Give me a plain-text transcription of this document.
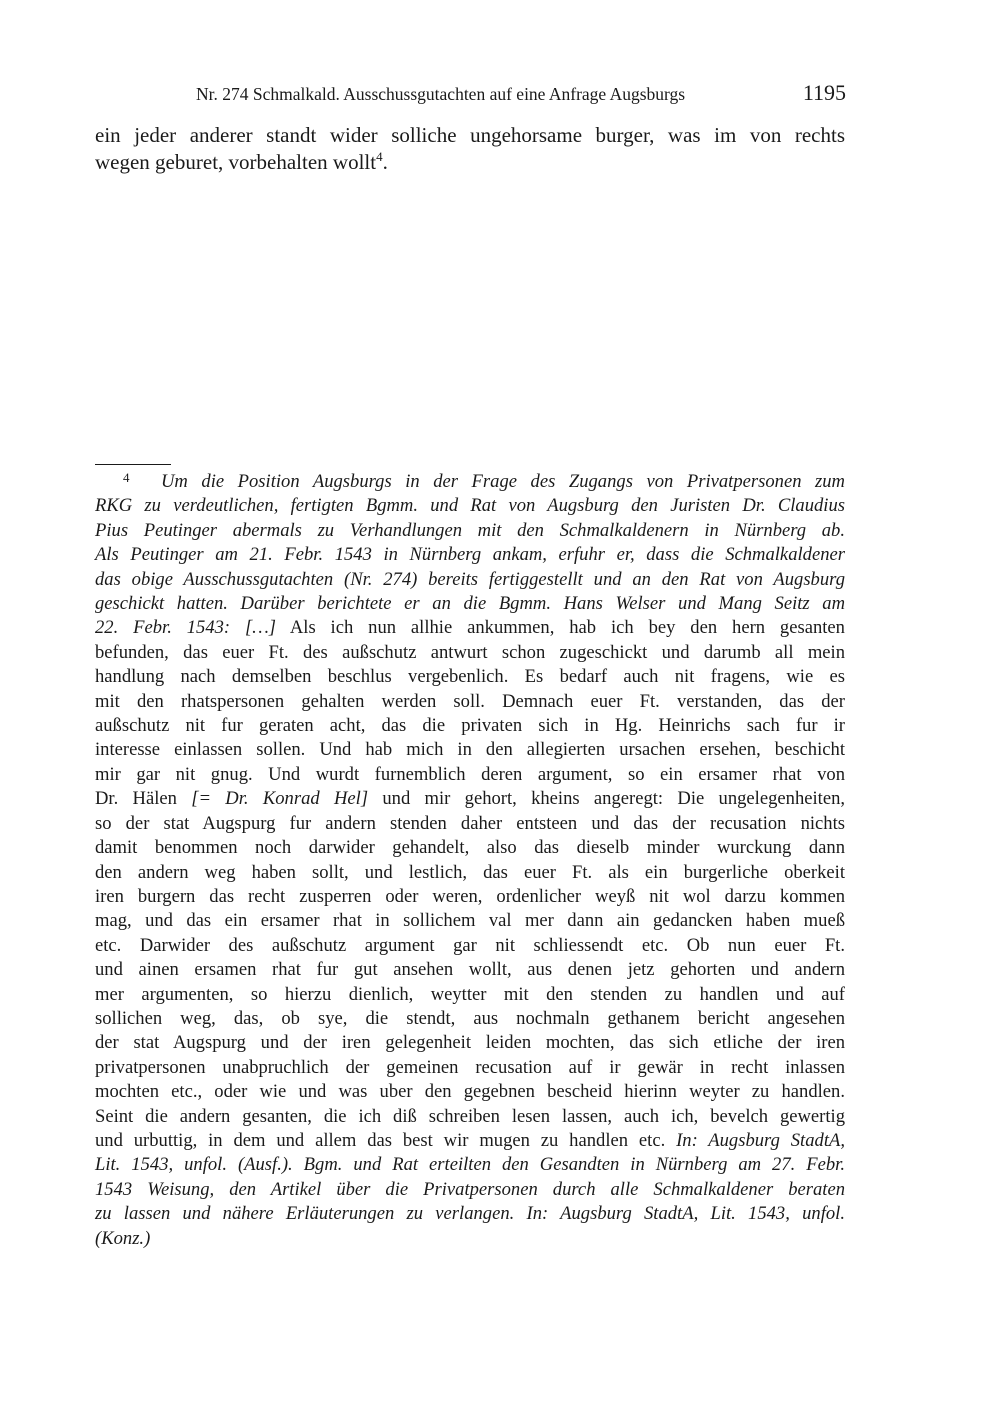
Nr. 274 Schmalkald. Ausschussgutachten auf eine Anfrage Augsburgs	1195
ein jeder anderer standt wider solliche ungehorsame burger, was im von rechts
wegen geburet, vorbehalten wollt$^4$.
4 Um die Position Augsburgs in der Frage des Zugangs von Privatpersonen zum
RKG zu verdeutlichen, fertigten Bgmm. und Rat von Augsburg den Juristen Dr. Claudius
Pius Peutinger abermals zu Verhandlungen mit den Schmalkaldenern in Nürnberg ab.
Als Peutinger am 21. Febr. 1543 in Nürnberg ankam, erfuhr er, dass die Schmalkaldener
das obige Ausschussgutachten (Nr. 274) bereits fertiggestellt und an den Rat von Augsburg
geschickt hatten. Darüber berichtete er an die Bgmm. Hans Welser und Mang Seitz am
22. Febr. 1543: […] Als ich nun allhie ankummen, hab ich bey den hern gesanten
befunden, das euer Ft. des außschutz antwurt schon zugeschickt und darumb all mein
handlung nach demselben beschlus vergebenlich. Es bedarf auch nit fragens, wie es
mit den rhatspersonen gehalten werden soll. Demnach euer Ft. verstanden, das der
außschutz nit fur geraten acht, das die privaten sich in Hg. Heinrichs sach fur ir
interesse einlassen sollen. Und hab mich in den allegierten ursachen ersehen, beschicht
mir gar nit gnug. Und wurdt furnemblich deren argument, so ein ersamer rhat von
Dr. Hälen [= Dr. Konrad Hel] und mir gehort, kheins angeregt: Die ungelegenheiten,
so der stat Augspurg fur andern stenden daher entsteen und das der recusation nichts
damit benommen noch darwider gehandelt, also das dieselb minder wurckung dann
den andern weg haben sollt, und lestlich, das euer Ft. als ein burgerliche oberkeit
iren burgern das recht zusperren oder weren, ordenlicher weyß nit wol darzu kommen
mag, und das ein ersamer rhat in sollichem val mer dann ain gedancken haben mueß
etc. Darwider des außschutz argument gar nit schliessendt etc. Ob nun euer Ft.
und ainen ersamen rhat fur gut ansehen wollt, aus denen jetz gehorten und andern
mer argumenten, so hierzu dienlich, weytter mit den stenden zu handlen und auf
sollichen weg, das, ob sye, die stendt, aus nochmaln gethanem bericht angesehen
der stat Augspurg und der iren gelegenheit leiden mochten, das sich etliche der iren
privatpersonen unabpruchlich der gemeinen recusation auf ir gewär in recht inlassen
mochten etc., oder wie und was uber den gegebnen bescheid hierinn weyter zu handlen.
Seint die andern gesanten, die ich diß schreiben lesen lassen, auch ich, bevelch gewertig
und urbuttig, in dem und allem das best wir mugen zu handlen etc. In: Augsburg StadtA,
Lit. 1543, unfol. (Ausf.). Bgm. und Rat erteilten den Gesandten in Nürnberg am 27. Febr.
1543 Weisung, den Artikel über die Privatpersonen durch alle Schmalkaldener beraten
zu lassen und nähere Erläuterungen zu verlangen. In: Augsburg StadtA, Lit. 1543, unfol.
(Konz.)
